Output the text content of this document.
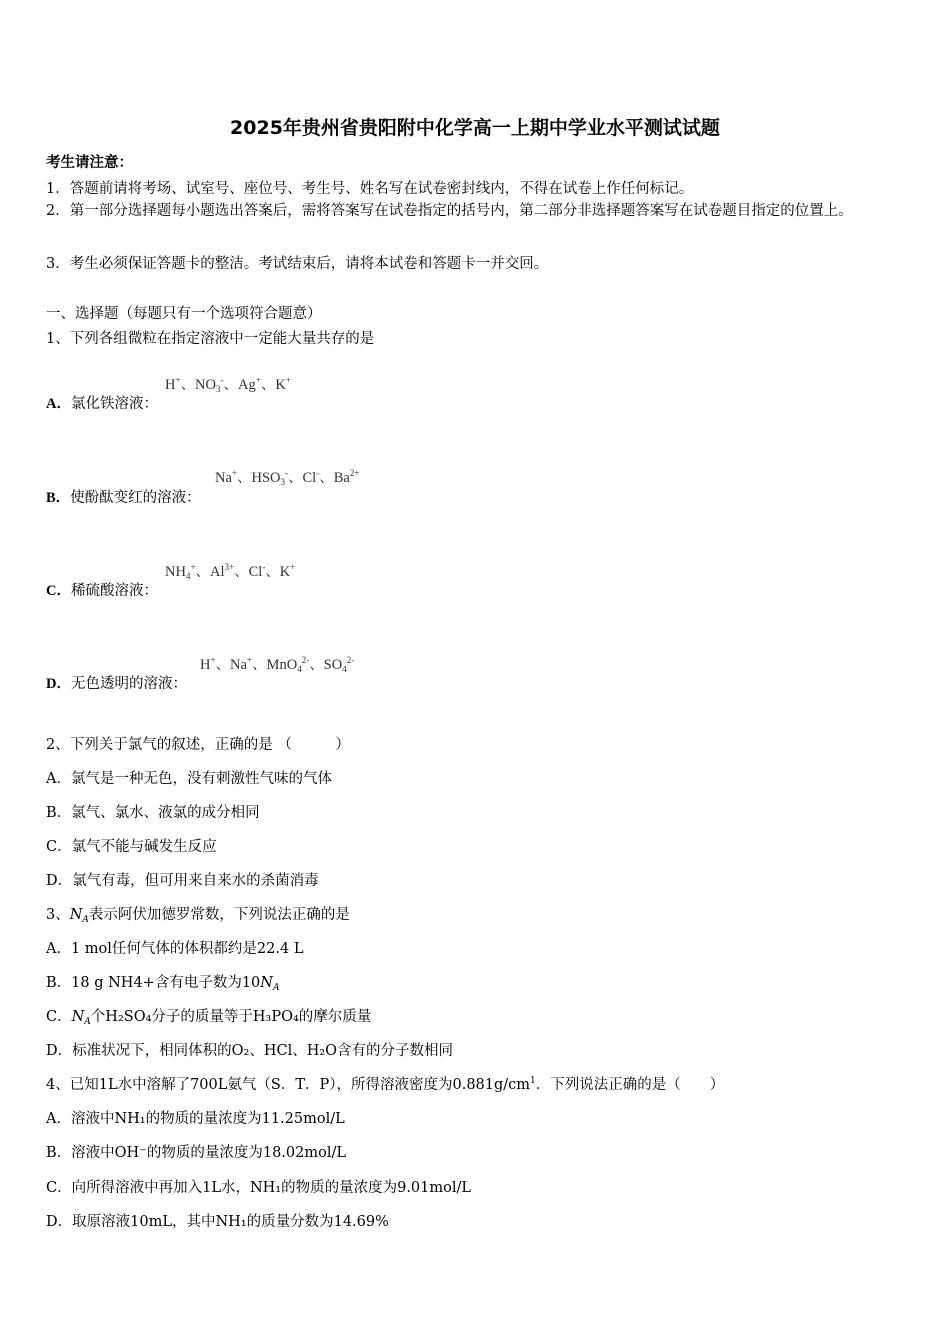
2025年贵州省贵阳附中化学高一上期中学业水平测试试题
考生请注意：
1．答题前请将考场、试室号、座位号、考生号、姓名写在试卷密封线内，不得在试卷上作任何标记。
2．第一部分选择题每小题选出答案后，需将答案写在试卷指定的括号内，第二部分非选择题答案写在试卷题目指定的位置上。
3．考生必须保证答题卡的整洁。考试结束后，请将本试卷和答题卡一并交回。
一、选择题（每题只有一个选项符合题意）
1、下列各组微粒在指定溶液中一定能大量共存的是
A．氯化铁溶液：
H+、$NO_3^-$、Ag+、K+
B．使酚酞变红的溶液：
Na+、$HSO_3^-$、Cl-、$Ba^{2+}$
C．稀硫酸溶液：
$NH_4^+$、$Al^{3+}$、Cl-、K+
D．无色透明的溶液：
H+、Na+、MnO$_4^{2-}$、$SO_4^{2-}$
2、下列关于氯气的叙述，正确的是 （　　　）
A．氯气是一种无色，没有刺激性气味的气体
B．氯气、氯水、液氯的成分相同
C．氯气不能与碱发生反应
D．氯气有毒，但可用来自来水的杀菌消毒
3、$N_A$表示阿伏加德罗常数，下列说法正确的是
A．1 mol任何气体的体积都约是22.4 L
B．18 g NH4+含有电子数为$10N_A$
C．$N_A$个H₂SO₄分子的质量等于H₃PO₄的摩尔质量
D．标准状况下，相同体积的O₂、HCl、H₂O含有的分子数相同
4、已知1L水中溶解了700L氨气（S．T．P），所得溶液密度为$0.881g/cm^1$．下列说法正确的是（　　）
A．溶液中NH₁的物质的量浓度为11.25mol/L
B．溶液中OH⁻的物质的量浓度为18.02mol/L
C．向所得溶液中再加入1L水，NH₁的物质的量浓度为9.01mol/L
D．取原溶液10mL，其中NH₁的质量分数为14.69%
